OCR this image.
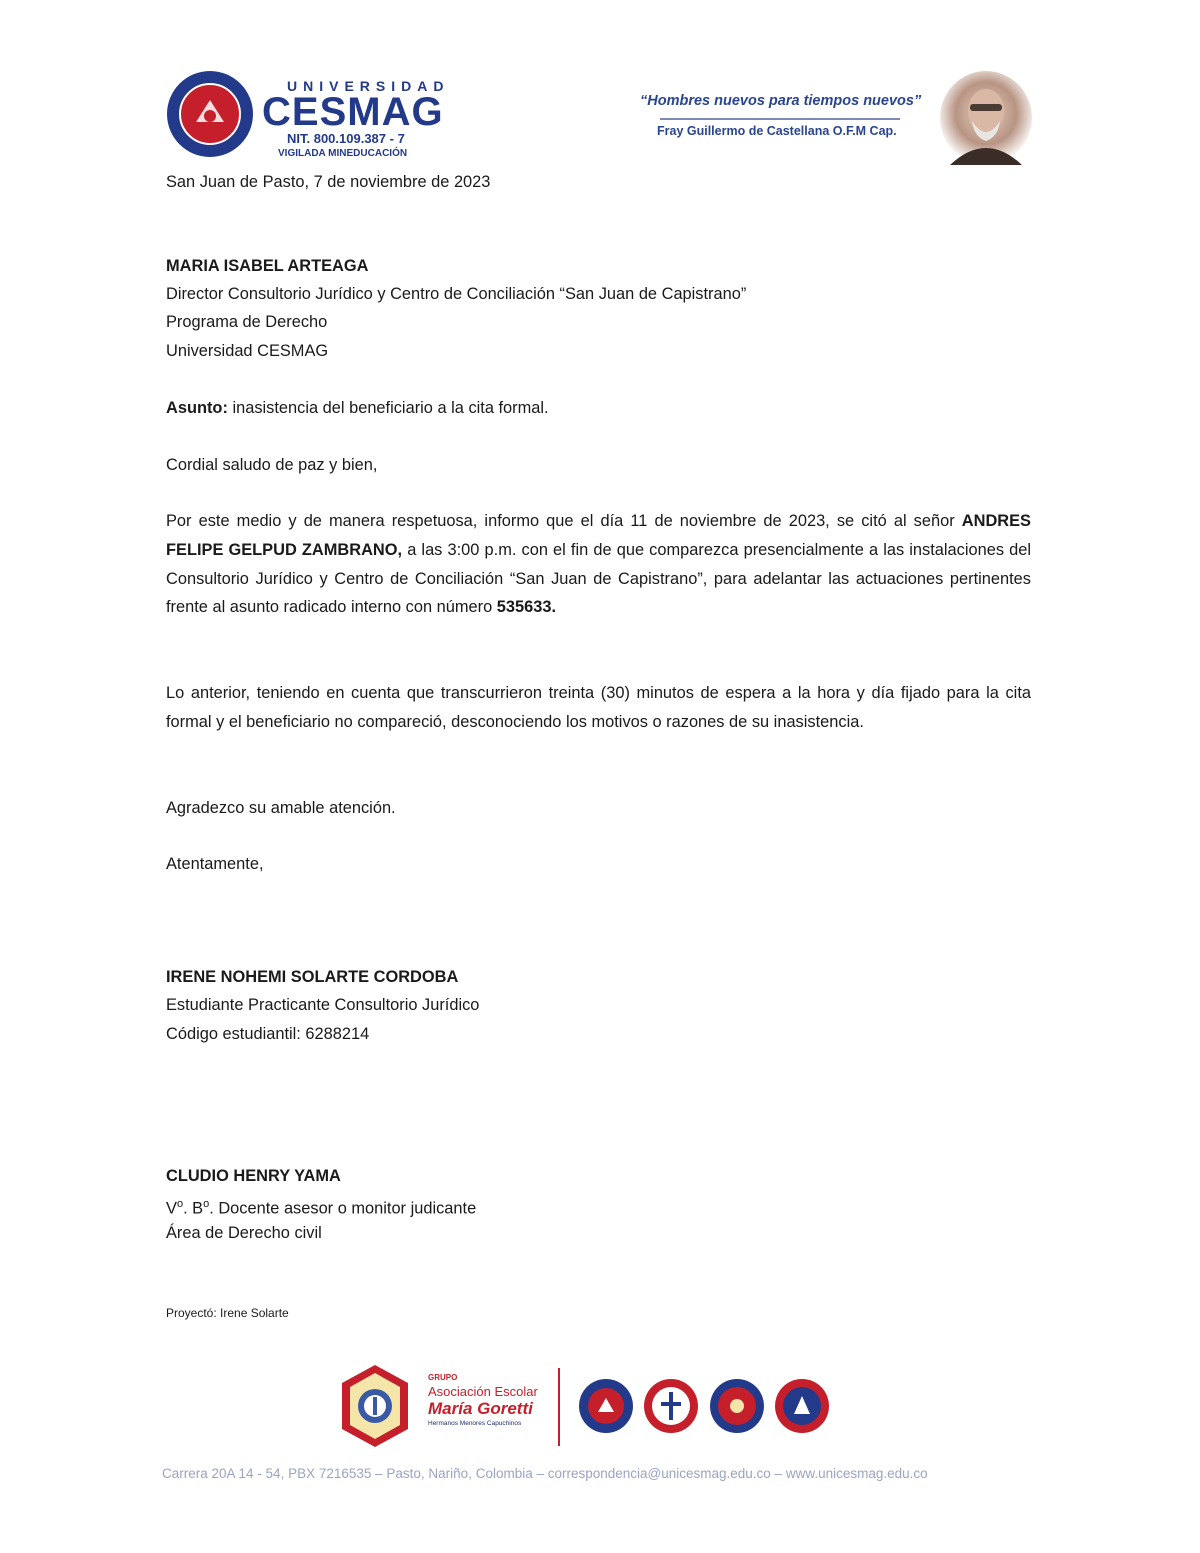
UNIVERSIDAD
CESMAG
NIT. 800.109.387 - 7
VIGILADA MINEDUCACIÓN
“Hombres nuevos para tiempos nuevos”
Fray Guillermo de Castellana O.F.M Cap.
San Juan de Pasto, 7 de noviembre de 2023
MARIA ISABEL ARTEAGA
Director Consultorio Jurídico y Centro de Conciliación “San Juan de Capistrano”
Programa de Derecho
Universidad CESMAG
Asunto: inasistencia del beneficiario a la cita formal.
Cordial saludo de paz y bien,
Por este medio y de manera respetuosa, informo que el día 11 de noviembre de 2023, se citó al señor ANDRES FELIPE GELPUD ZAMBRANO, a las 3:00 p.m. con el fin de que comparezca presencialmente a las instalaciones del Consultorio Jurídico y Centro de Conciliación “San Juan de Capistrano”, para adelantar las actuaciones pertinentes frente al asunto radicado interno con número 535633.
Lo anterior, teniendo en cuenta que transcurrieron treinta (30) minutos de espera a la hora y día fijado para la cita formal y el beneficiario no compareció, desconociendo los motivos o razones de su inasistencia.
Agradezco su amable atención.
Atentamente,
IRENE NOHEMI SOLARTE CORDOBA
Estudiante Practicante Consultorio Jurídico
Código estudiantil: 6288214
CLUDIO HENRY YAMA
$V^o$. $B^o$. Docente asesor o monitor judicante
Área de Derecho civil
Proyectó: Irene Solarte
GRUPO
Asociación Escolar
María Goretti
Hermanos Menores Capuchinos
Carrera 20A 14 - 54, PBX 7216535 – Pasto, Nariño, Colombia – correspondencia@unicesmag.edu.co – www.unicesmag.edu.co
